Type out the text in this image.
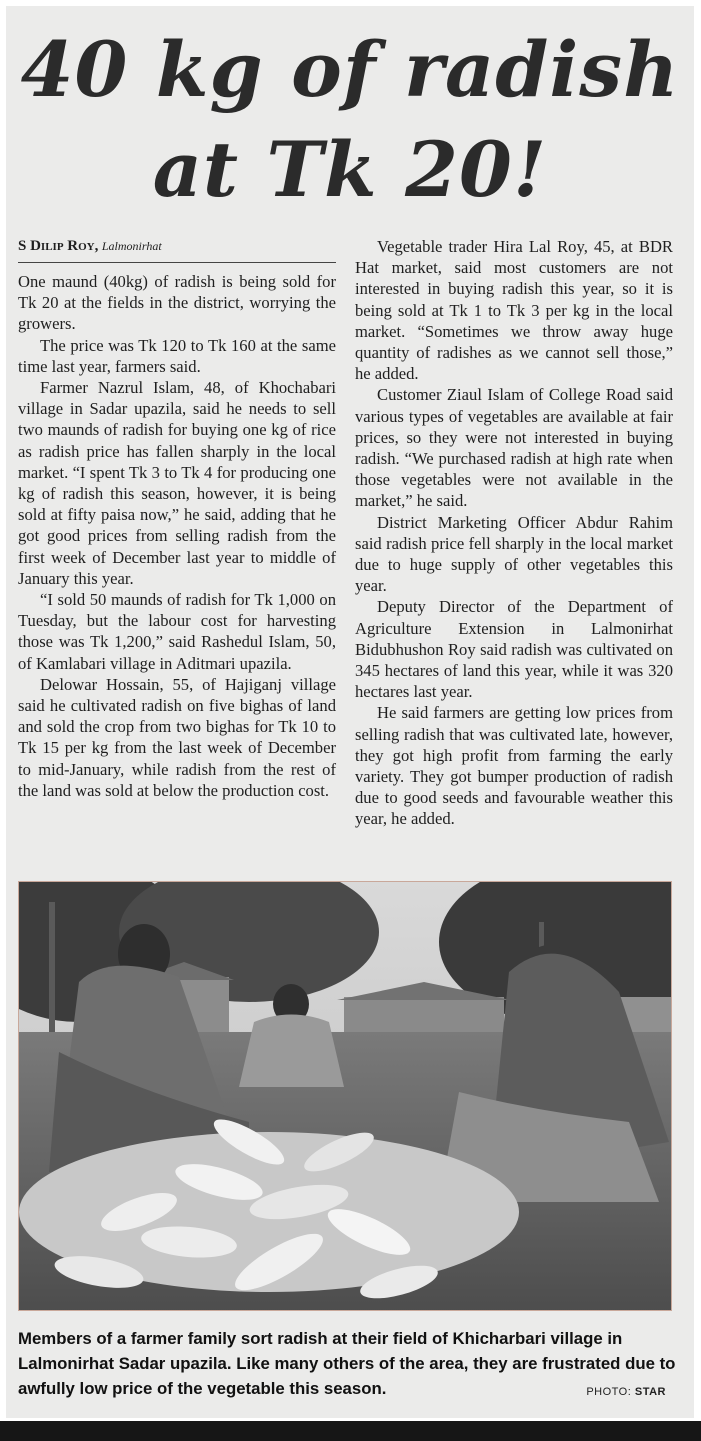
40 kg of radish
at Tk 20!
S Dilip Roy, Lalmonirhat

One maund (40kg) of radish is being sold for Tk 20 at the fields in the district, worrying the growers.

The price was Tk 120 to Tk 160 at the same time last year, farmers said.

Farmer Nazrul Islam, 48, of Khochabari village in Sadar upazila, said he needs to sell two maunds of radish for buying one kg of rice as radish price has fallen sharply in the local market. “I spent Tk 3 to Tk 4 for producing one kg of radish this season, however, it is being sold at fifty paisa now,” he said, adding that he got good prices from selling radish from the first week of December last year to middle of January this year.

“I sold 50 maunds of radish for Tk 1,000 on Tuesday, but the labour cost for harvesting those was Tk 1,200,” said Rashedul Islam, 50, of Kamlabari village in Aditmari upazila.

Delowar Hossain, 55, of Hajiganj village said he cultivated radish on five bighas of land and sold the crop from two bighas for Tk 10 to Tk 15 per kg from the last week of December to mid-January, while radish from the rest of the land was sold at below the production cost.

Vegetable trader Hira Lal Roy, 45, at BDR Hat market, said most customers are not interested in buying radish this year, so it is being sold at Tk 1 to Tk 3 per kg in the local market. “Sometimes we throw away huge quantity of radishes as we cannot sell those,” he added.

Customer Ziaul Islam of College Road said various types of vegetables are available at fair prices, so they were not interested in buying radish. “We purchased radish at high rate when those vegetables were not available in the market,” he said.

District Marketing Officer Abdur Rahim said radish price fell sharply in the local market due to huge supply of other vegetables this year.

Deputy Director of the Department of Agriculture Extension in Lalmonirhat Bidubhushon Roy said radish was cultivated on 345 hectares of land this year, while it was 320 hectares last year.

He said farmers are getting low prices from selling radish that was cultivated late, however, they got high profit from farming the early variety. They got bumper production of radish due to good seeds and favourable weather this year, he added.

Members of a farmer family sort radish at their field of Khicharbari village in Lalmonirhat Sadar upazila. Like many others of the area, they are frustrated due to awfully low price of the vegetable this season.	PHOTO: STAR
